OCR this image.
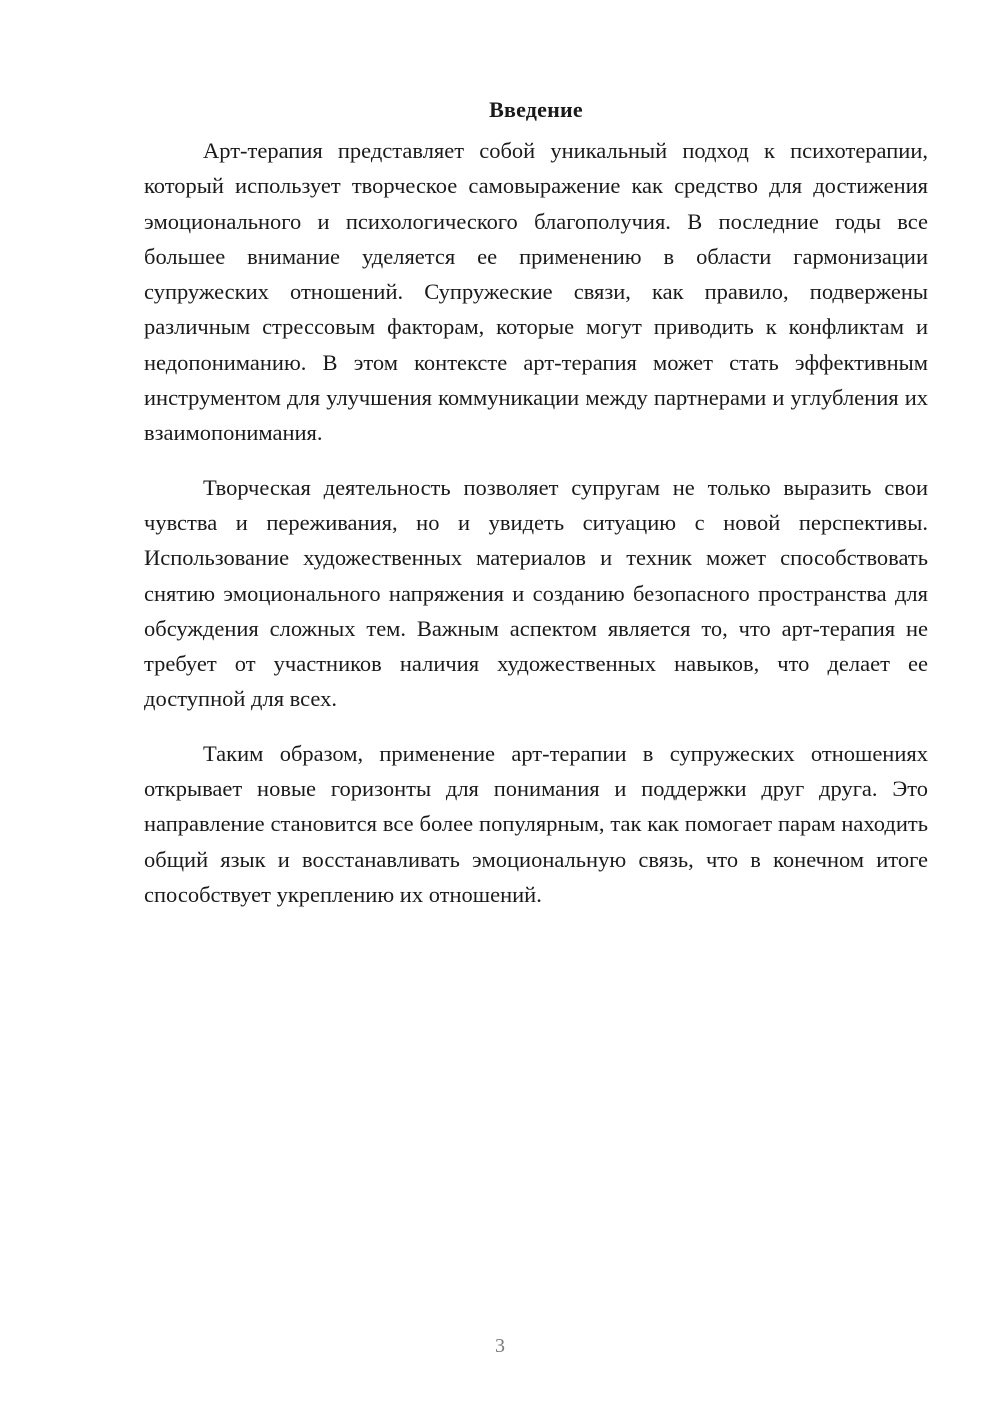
Введение

Арт-терапия представляет собой уникальный подход к психотерапии, который использует творческое самовыражение как средство для достижения эмоционального и психологического благополучия. В последние годы все большее внимание уделяется ее применению в области гармонизации супружеских отношений. Супружеские связи, как правило, подвержены различным стрессовым факторам, которые могут приводить к конфликтам и недопониманию. В этом контексте арт-терапия может стать эффективным инструментом для улучшения коммуникации между партнерами и углубления их взаимопонимания.

Творческая деятельность позволяет супругам не только выразить свои чувства и переживания, но и увидеть ситуацию с новой перспективы. Использование художественных материалов и техник может способствовать снятию эмоционального напряжения и созданию безопасного пространства для обсуждения сложных тем. Важным аспектом является то, что арт-терапия не требует от участников наличия художественных навыков, что делает ее доступной для всех.

Таким образом, применение арт-терапии в супружеских отношениях открывает новые горизонты для понимания и поддержки друг друга. Это направление становится все более популярным, так как помогает парам находить общий язык и восстанавливать эмоциональную связь, что в конечном итоге способствует укреплению их отношений.

3
